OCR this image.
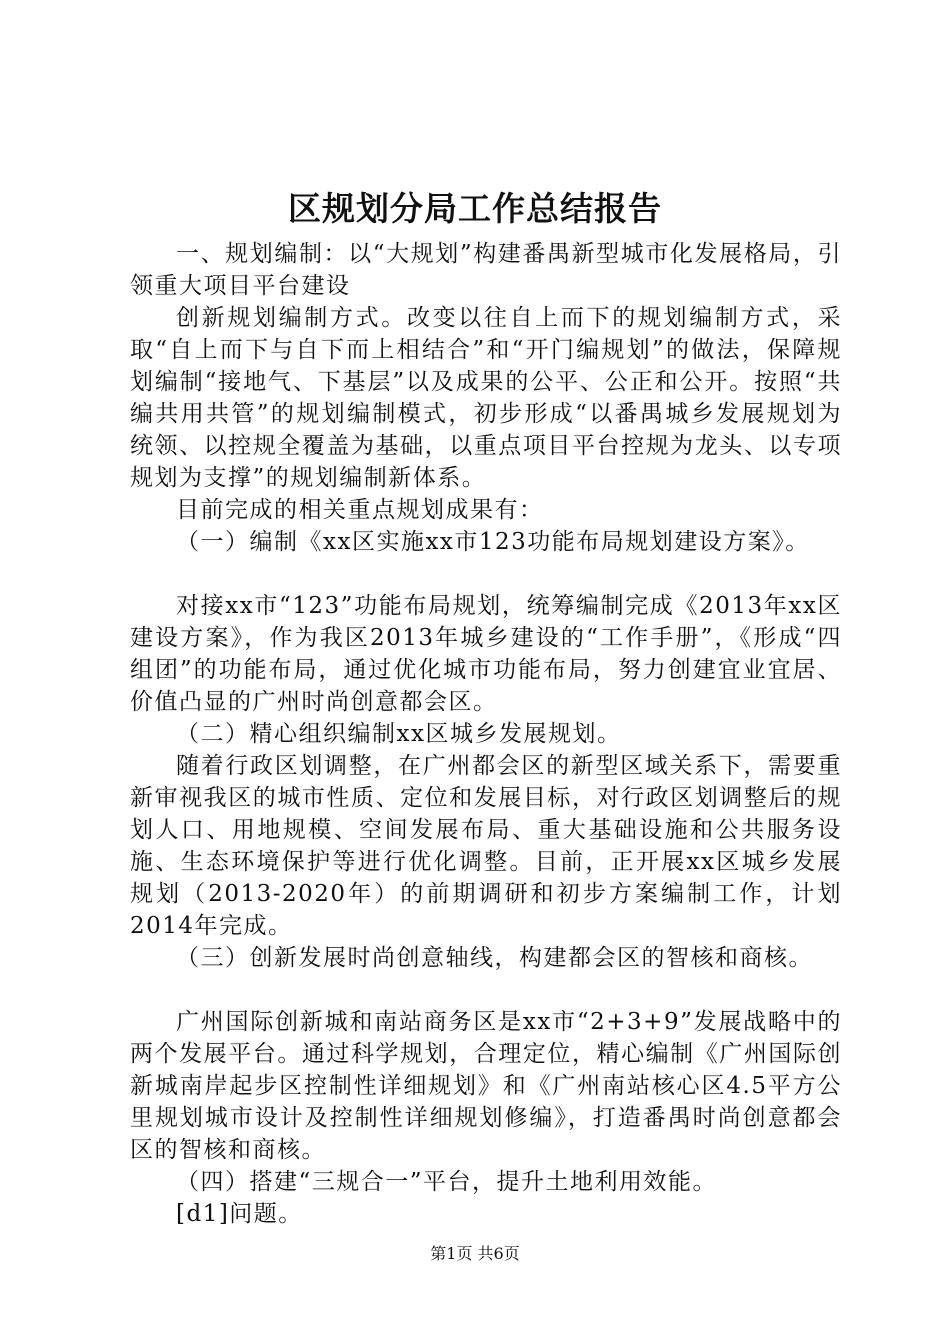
区规划分局工作总结报告

一、规划编制：以“大规划”构建番禺新型城市化发展格局，引领重大项目平台建设

创新规划编制方式。改变以往自上而下的规划编制方式，采取“自上而下与自下而上相结合”和“开门编规划”的做法，保障规划编制“接地气、下基层”以及成果的公平、公正和公开。按照“共编共用共管”的规划编制模式，初步形成“以番禺城乡发展规划为统领、以控规全覆盖为基础，以重点项目平台控规为龙头、以专项规划为支撑”的规划编制新体系。

目前完成的相关重点规划成果有：

（一）编制《xx区实施xx市123功能布局规划建设方案》。

对接xx市“123”功能布局规划，统筹编制完成《2013年xx区建设方案》，作为我区2013年城乡建设的“工作手册”，《形成“四组团”的功能布局，通过优化城市功能布局，努力创建宜业宜居、价值凸显的广州时尚创意都会区。

（二）精心组织编制xx区城乡发展规划。

随着行政区划调整，在广州都会区的新型区域关系下，需要重新审视我区的城市性质、定位和发展目标，对行政区划调整后的规划人口、用地规模、空间发展布局、重大基础设施和公共服务设施、生态环境保护等进行优化调整。目前，正开展xx区城乡发展规划（2013-2020年）的前期调研和初步方案编制工作，计划2014年完成。

（三）创新发展时尚创意轴线，构建都会区的智核和商核。

广州国际创新城和南站商务区是xx市“2+3+9”发展战略中的两个发展平台。通过科学规划，合理定位，精心编制《广州国际创新城南岸起步区控制性详细规划》和《广州南站核心区4.5平方公里规划城市设计及控制性详细规划修编》，打造番禺时尚创意都会区的智核和商核。

（四）搭建“三规合一”平台，提升土地利用效能。

[d1]问题。

第1页 共6页
